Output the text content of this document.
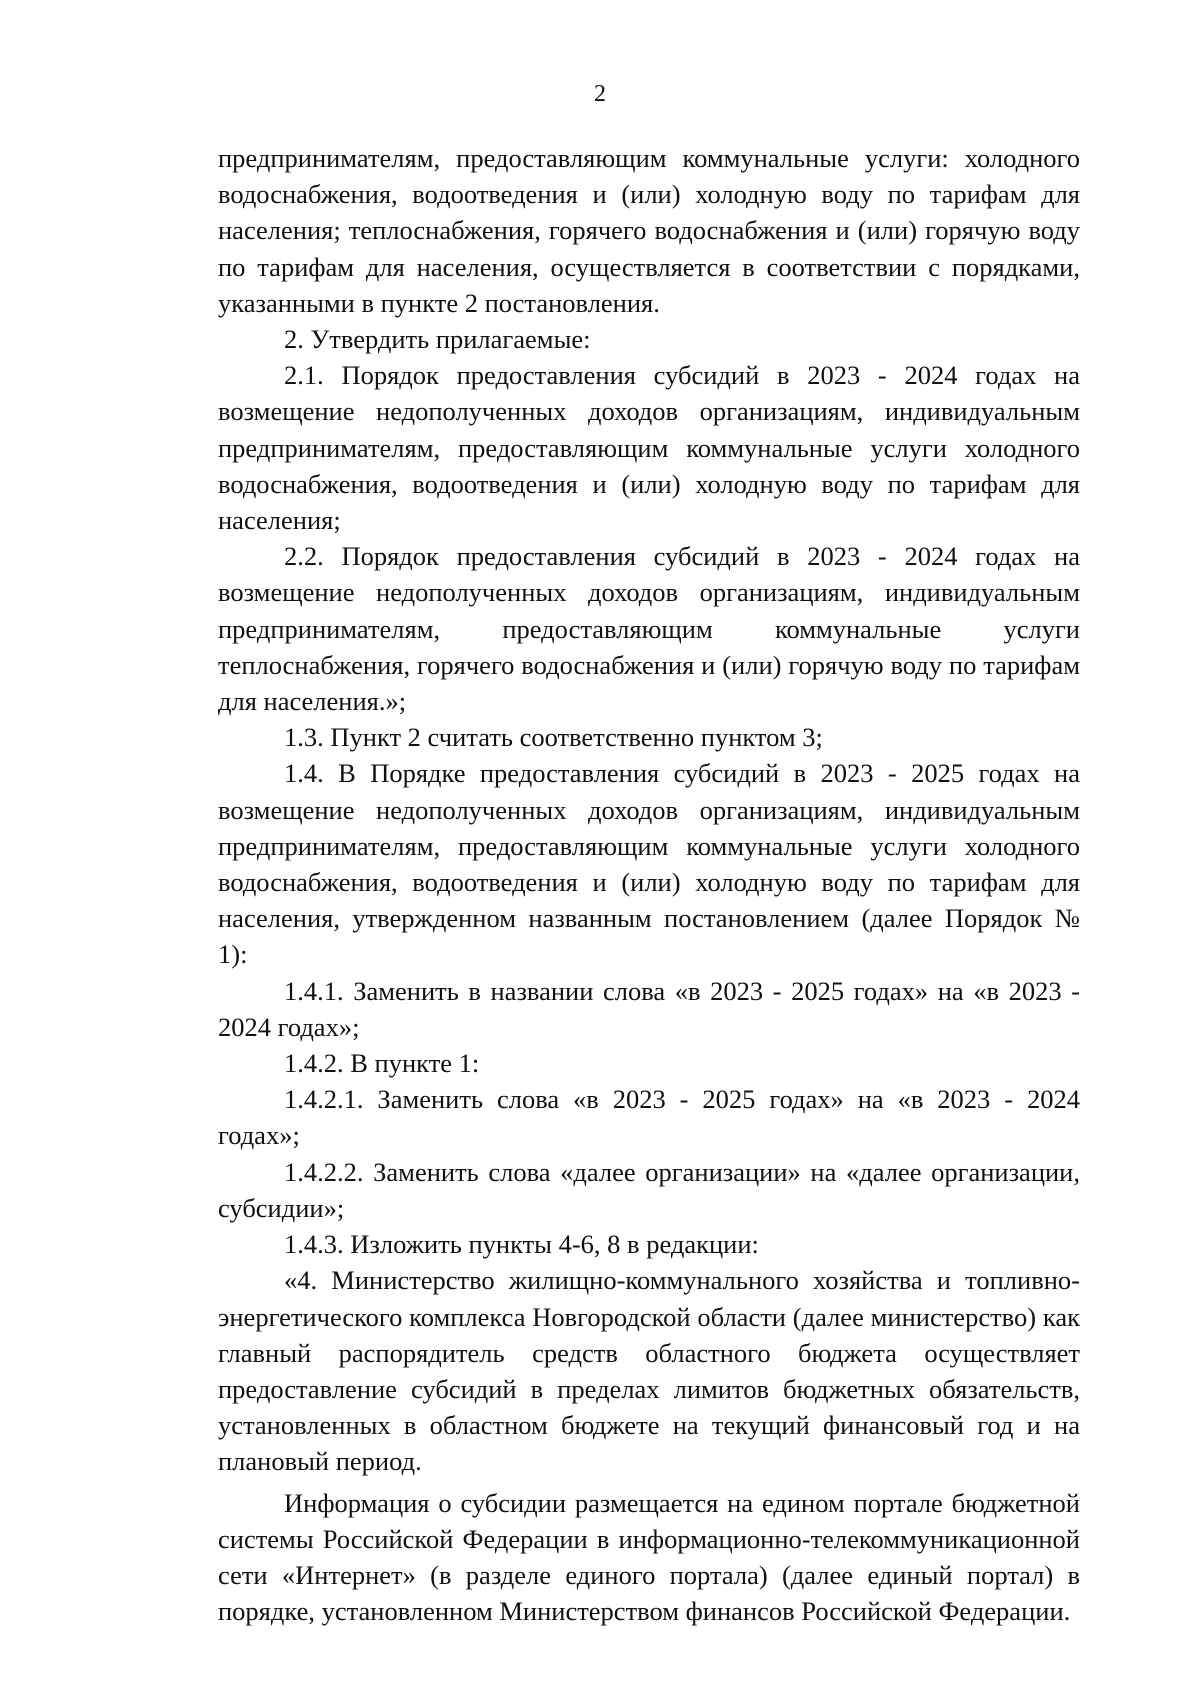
2

предпринимателям, предоставляющим коммунальные услуги: холодного водоснабжения, водоотведения и (или) холодную воду по тарифам для населения; теплоснабжения, горячего водоснабжения и (или) горячую воду по тарифам для населения, осуществляется в соответствии с порядками, указанными в пункте 2 постановления.

2. Утвердить прилагаемые:

2.1. Порядок предоставления субсидий в 2023 - 2024 годах на возмещение недополученных доходов организациям, индивидуальным предпринимателям, предоставляющим коммунальные услуги холодного водоснабжения, водоотведения и (или) холодную воду по тарифам для населения;

2.2. Порядок предоставления субсидий в 2023 - 2024 годах на возмещение недополученных доходов организациям, индивидуальным предпринимателям, предоставляющим коммунальные услуги теплоснабжения, горячего водоснабжения и (или) горячую воду по тарифам для населения.»;

1.3. Пункт 2 считать соответственно пунктом 3;

1.4. В Порядке предоставления субсидий в 2023 - 2025 годах на возмещение недополученных доходов организациям, индивидуальным предпринимателям, предоставляющим коммунальные услуги холодного водоснабжения, водоотведения и (или) холодную воду по тарифам для населения, утвержденном названным постановлением (далее Порядок № 1):

1.4.1. Заменить в названии слова «в 2023 - 2025 годах» на «в 2023 - 2024 годах»;

1.4.2. В пункте 1:

1.4.2.1. Заменить слова «в 2023 - 2025 годах» на «в 2023 - 2024 годах»;

1.4.2.2. Заменить слова «далее организации» на «далее организации, субсидии»;

1.4.3. Изложить пункты 4-6, 8 в редакции:

«4. Министерство жилищно-коммунального хозяйства и топливно-энергетического комплекса Новгородской области (далее министерство) как главный распорядитель средств областного бюджета осуществляет предоставление субсидий в пределах лимитов бюджетных обязательств, установленных в областном бюджете на текущий финансовый год и на плановый период.

Информация о субсидии размещается на едином портале бюджетной системы Российской Федерации в информационно-телекоммуникационной сети «Интернет» (в разделе единого портала) (далее единый портал) в порядке, установленном Министерством финансов Российской Федерации.
